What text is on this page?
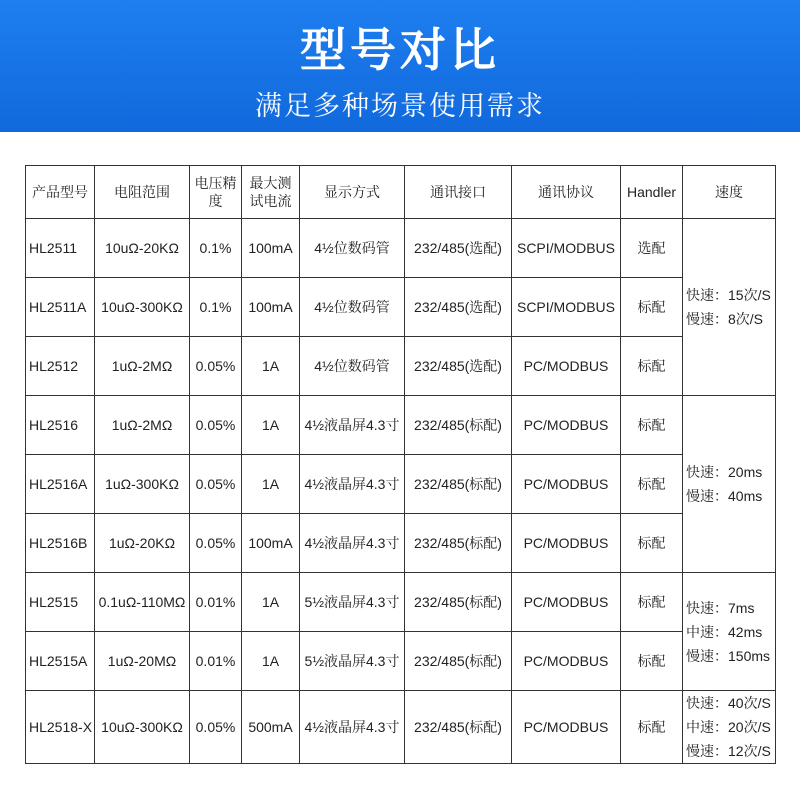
型号对比
满足多种场景使用需求
产品型号	电阻范围	电压精度	最大测试电流	显示方式	通讯接口	通讯协议	Handler	速度
HL2511	10uΩ-20KΩ	0.1%	100mA	4½位数码管	232/485(选配)	SCPI/MODBUS	选配	快速：15次/S
慢速：8次/S

HL2511A	10uΩ-300KΩ	0.1%	100mA	4½位数码管	232/485(选配)	SCPI/MODBUS	标配	
HL2512	1uΩ-2MΩ	0.05%	1A	4½位数码管	232/485(选配)	PC/MODBUS	标配	
HL2516	1uΩ-2MΩ	0.05%	1A	4½液晶屏4.3寸	232/485(标配)	PC/MODBUS	标配	快速：20ms
慢速：40ms

HL2516A	1uΩ-300KΩ	0.05%	1A	4½液晶屏4.3寸	232/485(标配)	PC/MODBUS	标配	
HL2516B	1uΩ-20KΩ	0.05%	100mA	4½液晶屏4.3寸	232/485(标配)	PC/MODBUS	标配	
HL2515	0.1uΩ-110MΩ	0.01%	1A	5½液晶屏4.3寸	232/485(标配)	PC/MODBUS	标配	快速：7ms
中速：42ms
慢速：150ms

HL2515A	1uΩ-20MΩ	0.01%	1A	5½液晶屏4.3寸	232/485(标配)	PC/MODBUS	标配	
HL2518-X	10uΩ-300KΩ	0.05%	500mA	4½液晶屏4.3寸	232/485(标配)	PC/MODBUS	标配	快速：40次/S
中速：20次/S
慢速：12次/S
